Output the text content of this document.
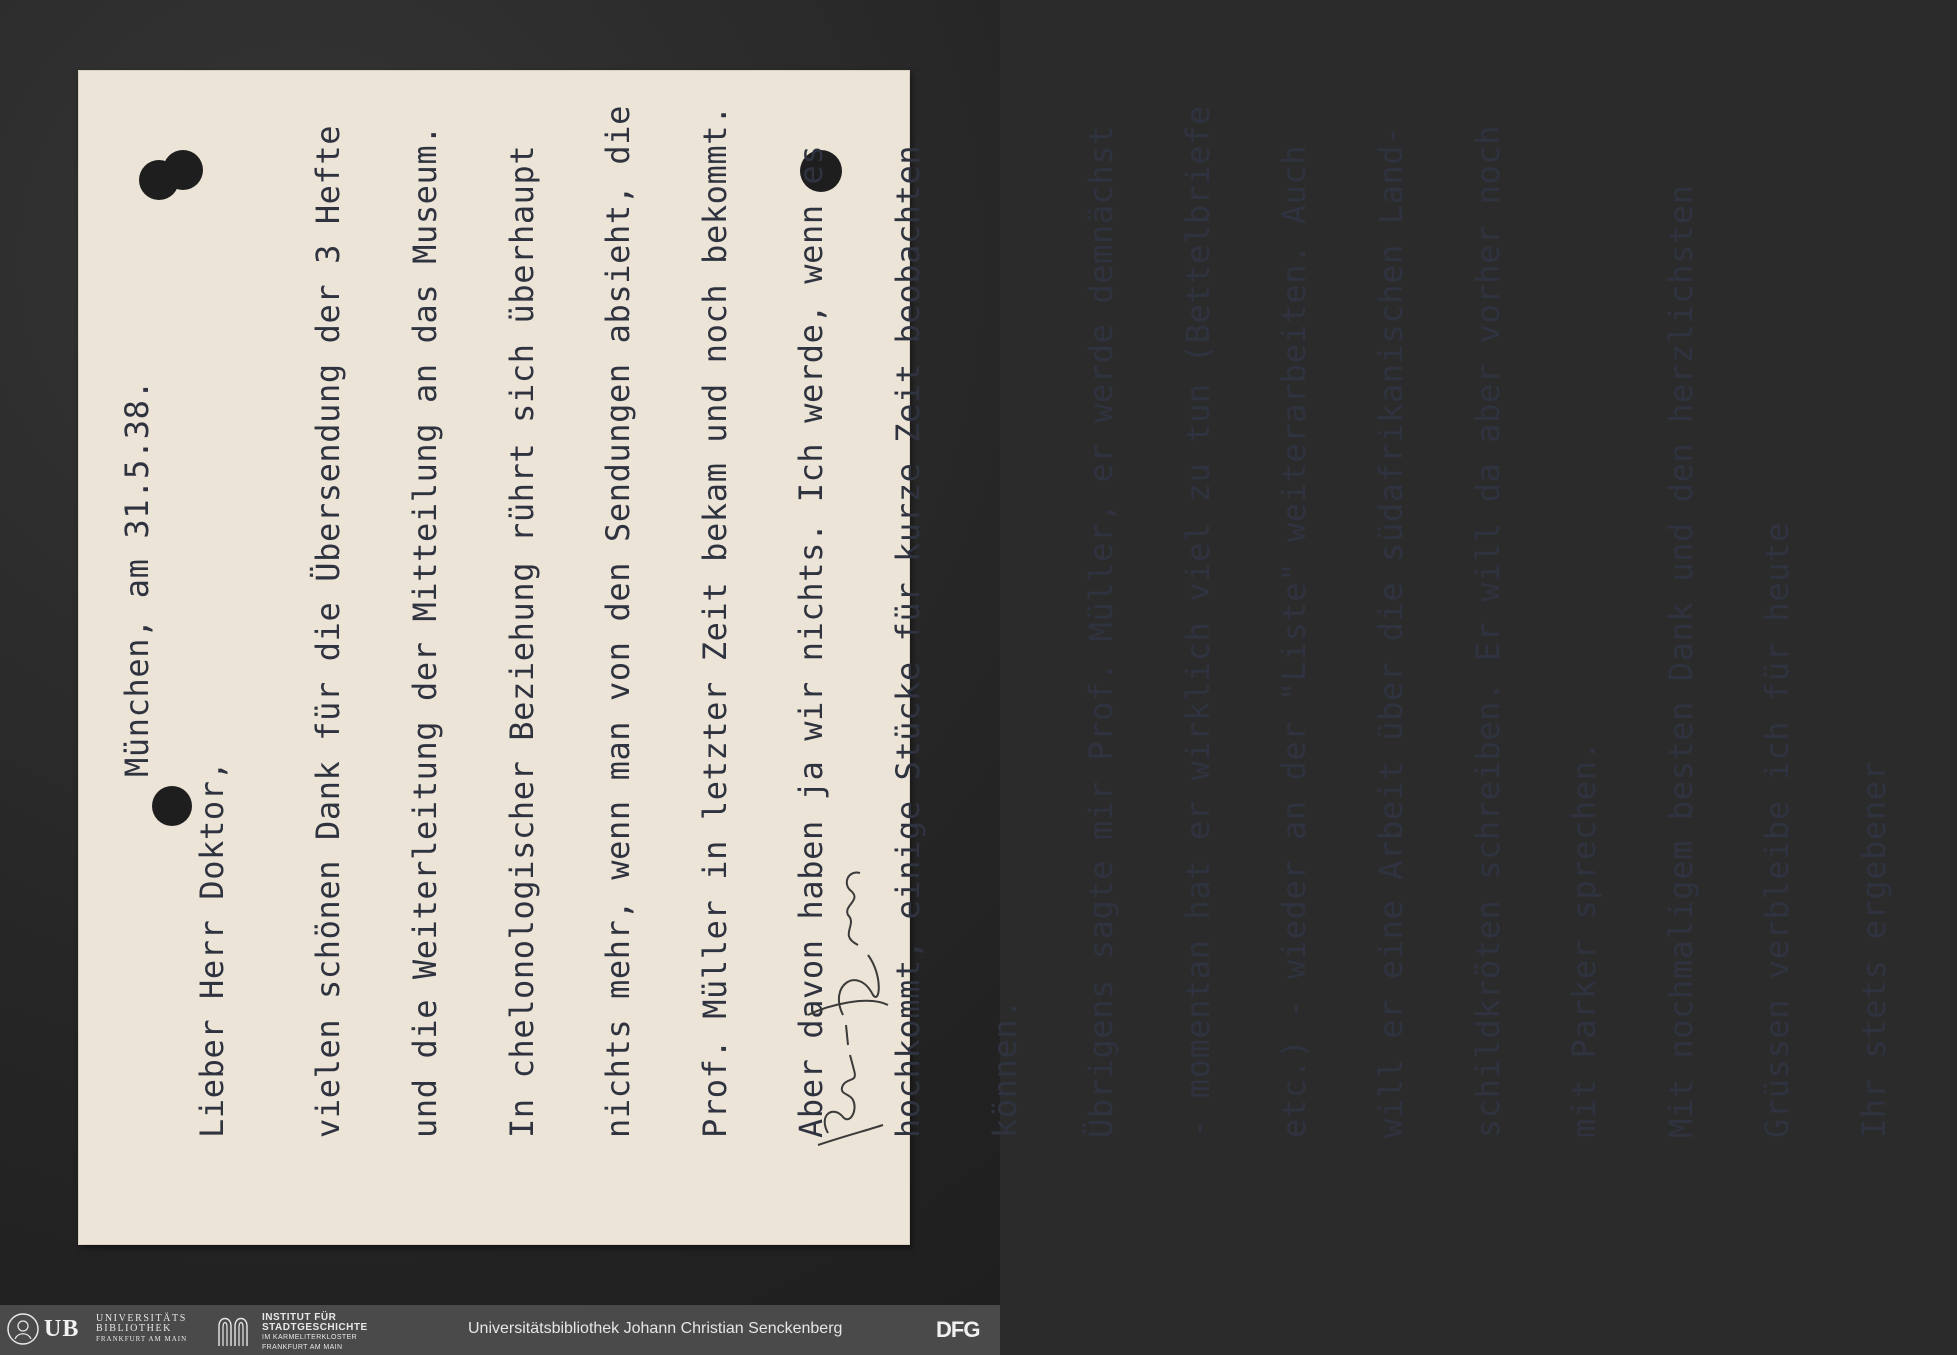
München, am 31.5.38.
Lieber Herr Doktor,

vielen schönen Dank für die Übersendung der 3 Hefte

und die Weiterleitung der Mitteilung an das Museum.

In chelonologischer Beziehung rührt sich überhaupt

nichts mehr, wenn man von den Sendungen absieht, die

Prof. Müller in letzter Zeit bekam und noch bekommt.

Aber davon haben ja wir nichts. Ich werde, wenn es

hochkommt, einige Stücke für kurze Zeit beobachten

können.

Übrigens sagte mir Prof. Müller, er werde demnächst

- momentan hat er wirklich viel zu tun (Bettelbriefe

etc.) - wieder an der "Liste" weiterarbeiten. Auch

will er eine Arbeit über die südafrikanischen Land-

schildkröten schreiben. Er will da aber vorher noch

mit Parker sprechen.

Mit nochmaligem besten Dank und den herzlichsten

Grüssen verbleibe ich für heute

Ihr stets ergebener

UB UNIVERSITÄTS
BIBLIOTHEK
FRANKFURT AM MAIN
INSTITUT FÜR
STADTGESCHICHTE
IM KARMELITERKLOSTER
FRANKFURT AM MAIN
Universitätsbibliothek Johann Christian Senckenberg	DFG
